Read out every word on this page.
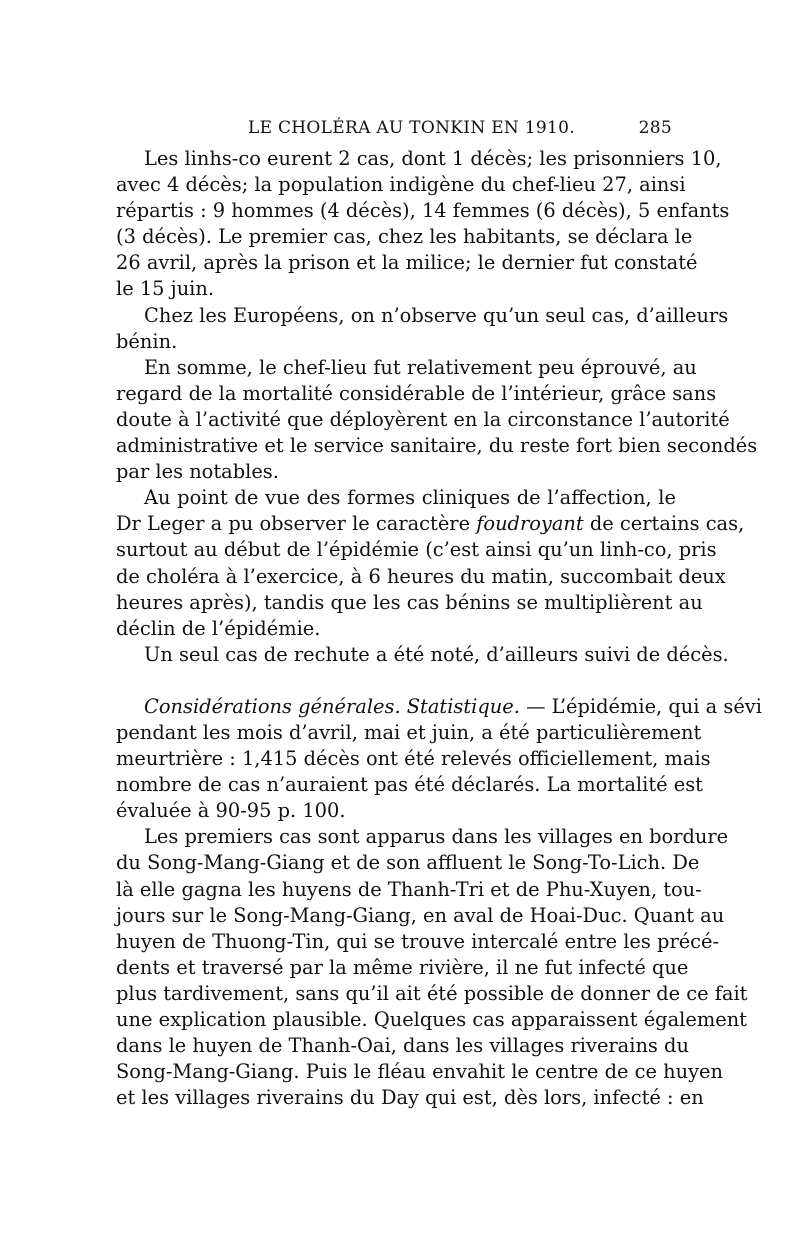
LE CHOLÉRA AU TONKIN EN 1910.	285
Les linhs-co eurent 2 cas, dont 1 décès; les prisonniers 10,
avec 4 décès; la population indigène du chef-lieu 27, ainsi
répartis : 9 hommes (4 décès), 14 femmes (6 décès), 5 enfants
(3 décès). Le premier cas, chez les habitants, se déclara le
26 avril, après la prison et la milice; le dernier fut constaté
le 15 juin.
Chez les Européens, on n’observe qu’un seul cas, d’ailleurs
bénin.
En somme, le chef-lieu fut relativement peu éprouvé, au
regard de la mortalité considérable de l’intérieur, grâce sans
doute à l’activité que déployèrent en la circonstance l’autorité
administrative et le service sanitaire, du reste fort bien secondés
par les notables.
Au point de vue des formes cliniques de l’affection, le
Dr Leger a pu observer le caractère foudroyant de certains cas,
surtout au début de l’épidémie (c’est ainsi qu’un linh-co, pris
de choléra à l’exercice, à 6 heures du matin, succombait deux
heures après), tandis que les cas bénins se multiplièrent au
déclin de l’épidémie.
Un seul cas de rechute a été noté, d’ailleurs suivi de décès.
Considérations générales. Statistique. — L’épidémie, qui a sévi
pendant les mois d’avril, mai et juin, a été particulièrement
meurtrière : 1,415 décès ont été relevés officiellement, mais
nombre de cas n’auraient pas été déclarés. La mortalité est
évaluée à 90-95 p. 100.
Les premiers cas sont apparus dans les villages en bordure
du Song-Mang-Giang et de son affluent le Song-To-Lich. De
là elle gagna les huyens de Thanh-Tri et de Phu-Xuyen, tou-
jours sur le Song-Mang-Giang, en aval de Hoai-Duc. Quant au
huyen de Thuong-Tin, qui se trouve intercalé entre les précé-
dents et traversé par la même rivière, il ne fut infecté que
plus tardivement, sans qu’il ait été possible de donner de ce fait
une explication plausible. Quelques cas apparaissent également
dans le huyen de Thanh-Oai, dans les villages riverains du
Song-Mang-Giang. Puis le fléau envahit le centre de ce huyen
et les villages riverains du Day qui est, dès lors, infecté : en
